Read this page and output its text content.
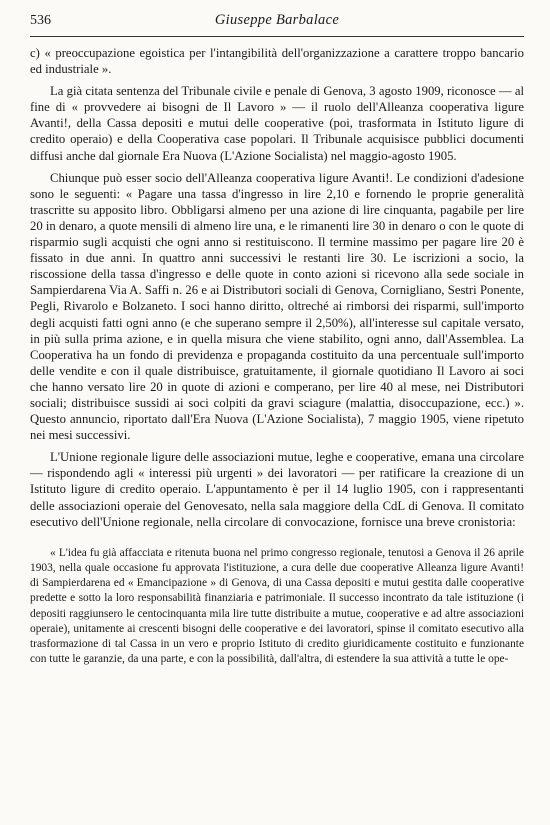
536	Giuseppe Barbalace

c) « preoccupazione egoistica per l'intangibilità dell'organizzazione a carattere troppo bancario ed industriale ».

La già citata sentenza del Tribunale civile e penale di Genova, 3 agosto 1909, riconosce — al fine di « provvedere ai bisogni de Il Lavoro » — il ruolo dell'Alleanza cooperativa ligure Avanti!, della Cassa depositi e mutui delle cooperative (poi, trasformata in Istituto ligure di credito operaio) e della Cooperativa case popolari. Il Tribunale acquisisce pubblici documenti diffusi anche dal giornale Era Nuova (L'Azione Socialista) nel maggio-agosto 1905.

Chiunque può esser socio dell'Alleanza cooperativa ligure Avanti!. Le condizioni d'adesione sono le seguenti: « Pagare una tassa d'ingresso in lire 2,10 e fornendo le proprie generalità trascritte su apposito libro. Obbligarsi almeno per una azione di lire cinquanta, pagabile per lire 20 in denaro, a quote mensili di almeno lire una, e le rimanenti lire 30 in denaro o con le quote di risparmio sugli acquisti che ogni anno si restituiscono. Il termine massimo per pagare lire 20 è fissato in due anni. In quattro anni successivi le restanti lire 30. Le iscrizioni a socio, la riscossione della tassa d'ingresso e delle quote in conto azioni si ricevono alla sede sociale in Sampierdarena Via A. Saffi n. 26 e ai Distributori sociali di Genova, Cornigliano, Sestri Ponente, Pegli, Rivarolo e Bolzaneto. I soci hanno diritto, oltreché ai rimborsi dei risparmi, sull'importo degli acquisti fatti ogni anno (e che superano sempre il 2,50%), all'interesse sul capitale versato, in più sulla prima azione, e in quella misura che viene stabilito, ogni anno, dall'Assemblea. La Cooperativa ha un fondo di previdenza e propaganda costituito da una percentuale sull'importo delle vendite e con il quale distribuisce, gratuitamente, il giornale quotidiano Il Lavoro ai soci che hanno versato lire 20 in quote di azioni e comperano, per lire 40 al mese, nei Distributori sociali; distribuisce sussidi ai soci colpiti da gravi sciagure (malattia, disoccupazione, ecc.) ». Questo annuncio, riportato dall'Era Nuova (L'Azione Socialista), 7 maggio 1905, viene ripetuto nei mesi successivi.

L'Unione regionale ligure delle associazioni mutue, leghe e cooperative, emana una circolare — rispondendo agli « interessi più urgenti » dei lavoratori — per ratificare la creazione di un Istituto ligure di credito operaio. L'appuntamento è per il 14 luglio 1905, con i rappresentanti delle associazioni operaie del Genovesato, nella sala maggiore della CdL di Genova. Il comitato esecutivo dell'Unione regionale, nella circolare di convocazione, fornisce una breve cronistoria:

« L'idea fu già affacciata e ritenuta buona nel primo congresso regionale, tenutosi a Genova il 26 aprile 1903, nella quale occasione fu approvata l'istituzione, a cura delle due cooperative Alleanza ligure Avanti! di Sampierdarena ed « Emancipazione » di Genova, di una Cassa depositi e mutui gestita dalle cooperative predette e sotto la loro responsabilità finanziaria e patrimoniale. Il successo incontrato da tale istituzione (i depositi raggiunsero le centocinquanta mila lire tutte distribuite a mutue, cooperative e ad altre associazioni operaie), unitamente ai crescenti bisogni delle cooperative e dei lavoratori, spinse il comitato esecutivo alla trasformazione di tal Cassa in un vero e proprio Istituto di credito giuridicamente costituito e funzionante con tutte le garanzie, da una parte, e con la possibilità, dall'altra, di estendere la sua attività a tutte le ope-
